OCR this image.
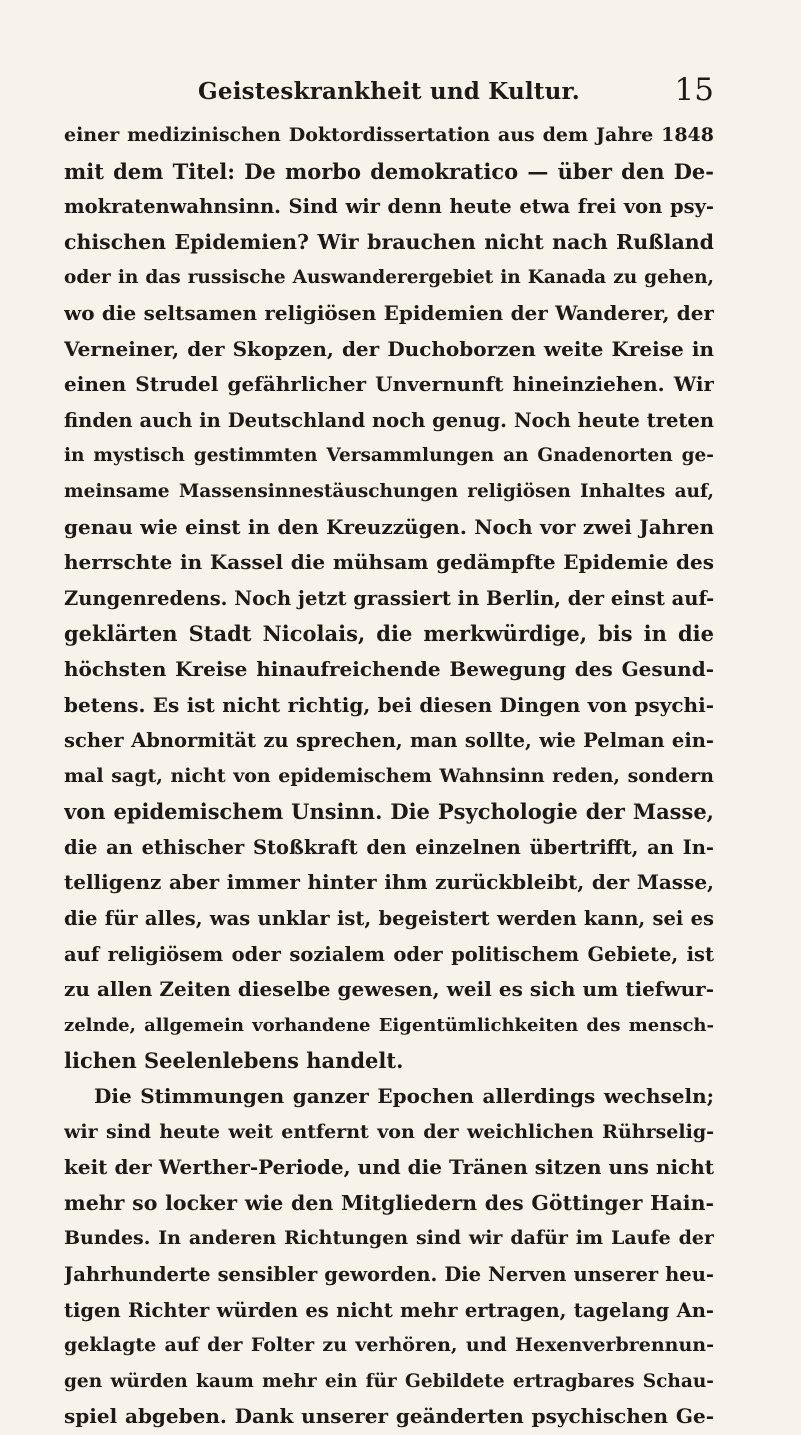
Geisteskrankheit und Kultur.	15
einer medizinischen Doktordissertation aus dem Jahre 1848
mit dem Titel: De morbo demokratico — über den De-
mokratenwahnsinn. Sind wir denn heute etwa frei von psy-
chischen Epidemien? Wir brauchen nicht nach Rußland
oder in das russische Auswanderergebiet in Kanada zu gehen,
wo die seltsamen religiösen Epidemien der Wanderer, der
Verneiner, der Skopzen, der Duchoborzen weite Kreise in
einen Strudel gefährlicher Unvernunft hineinziehen. Wir
finden auch in Deutschland noch genug. Noch heute treten
in mystisch gestimmten Versammlungen an Gnadenorten ge-
meinsame Massensinnestäuschungen religiösen Inhaltes auf,
genau wie einst in den Kreuzzügen. Noch vor zwei Jahren
herrschte in Kassel die mühsam gedämpfte Epidemie des
Zungenredens. Noch jetzt grassiert in Berlin, der einst auf-
geklärten Stadt Nicolais, die merkwürdige, bis in die
höchsten Kreise hinaufreichende Bewegung des Gesund-
betens. Es ist nicht richtig, bei diesen Dingen von psychi-
scher Abnormität zu sprechen, man sollte, wie Pelman ein-
mal sagt, nicht von epidemischem Wahnsinn reden, sondern
von epidemischem Unsinn. Die Psychologie der Masse,
die an ethischer Stoßkraft den einzelnen übertrifft, an In-
telligenz aber immer hinter ihm zurückbleibt, der Masse,
die für alles, was unklar ist, begeistert werden kann, sei es
auf religiösem oder sozialem oder politischem Gebiete, ist
zu allen Zeiten dieselbe gewesen, weil es sich um tiefwur-
zelnde, allgemein vorhandene Eigentümlichkeiten des mensch-
lichen Seelenlebens handelt.
Die Stimmungen ganzer Epochen allerdings wechseln;
wir sind heute weit entfernt von der weichlichen Rührselig-
keit der Werther-Periode, und die Tränen sitzen uns nicht
mehr so locker wie den Mitgliedern des Göttinger Hain-
Bundes. In anderen Richtungen sind wir dafür im Laufe der
Jahrhunderte sensibler geworden. Die Nerven unserer heu-
tigen Richter würden es nicht mehr ertragen, tagelang An-
geklagte auf der Folter zu verhören, und Hexenverbrennun-
gen würden kaum mehr ein für Gebildete ertragbares Schau-
spiel abgeben. Dank unserer geänderten psychischen Ge-
